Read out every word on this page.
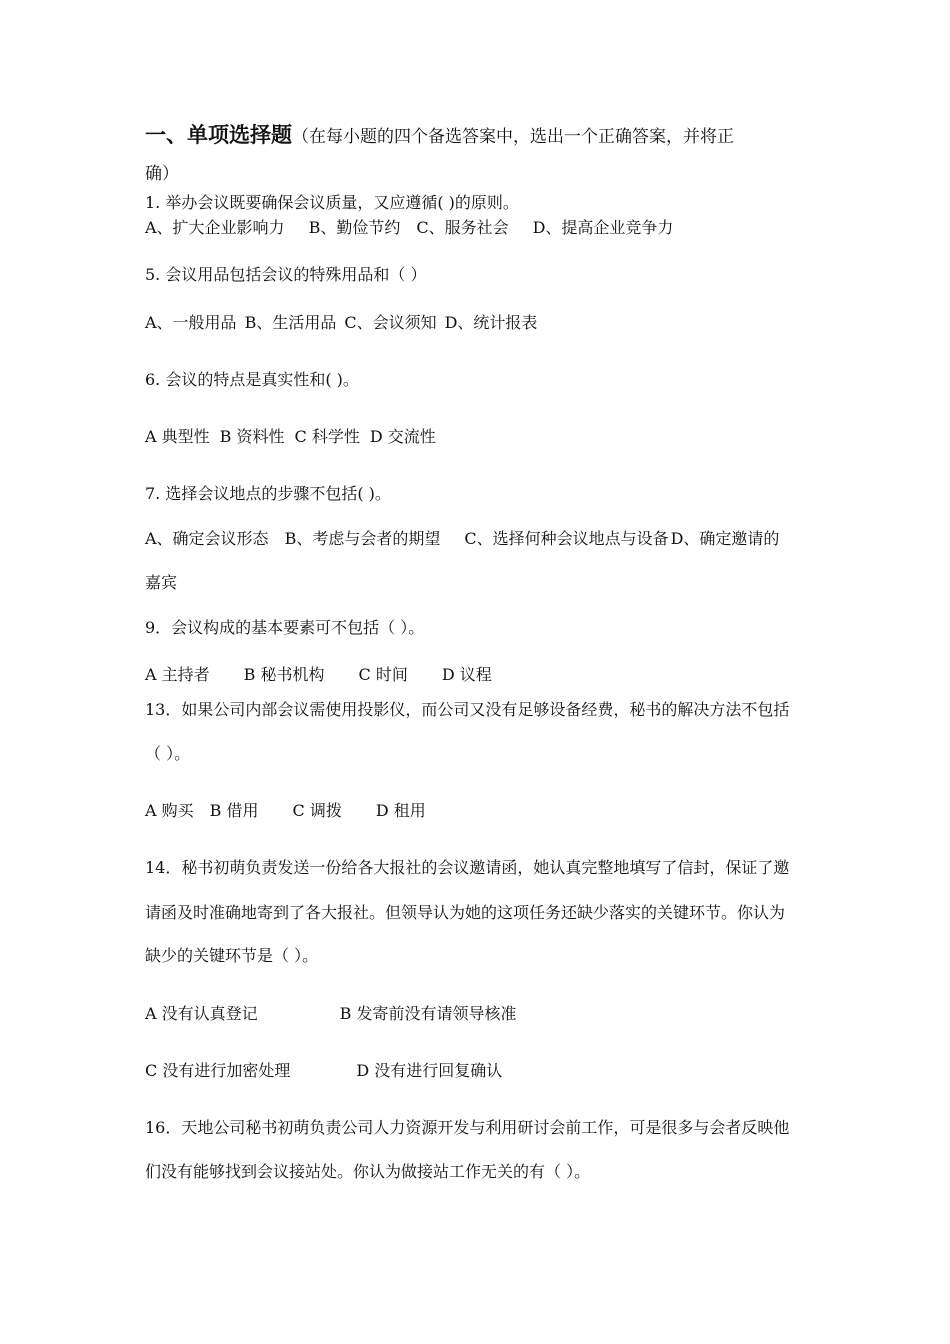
一、单项选择题（在每小题的四个备选答案中，选出一个正确答案，并将正
确）
1. 举办会议既要确保会议质量，又应遵循( )的原则。
A、扩大企业影响力 B、勤俭节约 C、服务社会 D、提高企业竞争力
5. 会议用品包括会议的特殊用品和（ ）
A、一般用品 B、生活用品 C、会议须知 D、统计报表
6. 会议的特点是真实性和( )。
A 典型性 B 资料性 C 科学性 D 交流性
7. 选择会议地点的步骤不包括( )。
A、确定会议形态 B、考虑与会者的期望 C、选择何种会议地点与设备 D、确定邀请的
嘉宾
9．会议构成的基本要素可不包括（ ）。
A 主持者 B 秘书机构 C 时间 D 议程
13．如果公司内部会议需使用投影仪，而公司又没有足够设备经费，秘书的解决方法不包括
（ ）。
A 购买 B 借用 C 调拨 D 租用
14．秘书初萌负责发送一份给各大报社的会议邀请函，她认真完整地填写了信封，保证了邀
请函及时准确地寄到了各大报社。但领导认为她的这项任务还缺少落实的关键环节。你认为
缺少的关键环节是（ ）。
A 没有认真登记	B 发寄前没有请领导核准
C 没有进行加密处理	D 没有进行回复确认
16．天地公司秘书初萌负责公司人力资源开发与利用研讨会前工作，可是很多与会者反映他
们没有能够找到会议接站处。你认为做接站工作无关的有（ ）。
